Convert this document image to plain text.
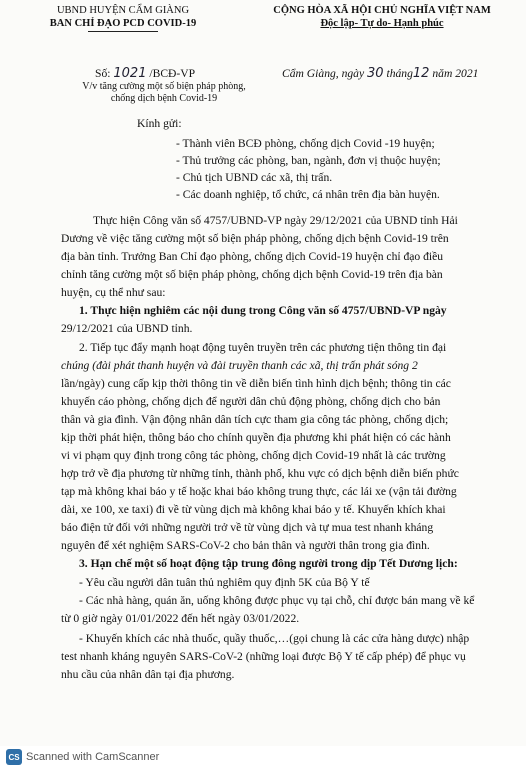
UBND HUYỆN CẨM GIÀNG
BAN CHỈ ĐẠO PCD COVID-19
CỘNG HÒA XÃ HỘI CHỦ NGHĨA VIỆT NAM
Độc lập- Tự do- Hạnh phúc
Số: 1021 /BCĐ-VP
V/v tăng cường một số biện pháp phòng,
chống dịch bệnh Covid-19
Cẩm Giàng, ngày 30 tháng12 năm 2021
Kính gửi:
- Thành viên BCĐ phòng, chống dịch Covid -19 huyện;
- Thủ trưởng các phòng, ban, ngành, đơn vị thuộc huyện;
- Chủ tịch UBND các xã, thị trấn.
- Các doanh nghiệp, tổ chức, cá nhân trên địa bàn huyện.
Thực hiện Công văn số 4757/UBND-VP ngày 29/12/2021 của UBND tỉnh Hải
Dương về việc tăng cường một số biện pháp phòng, chống dịch bệnh Covid-19 trên
địa bàn tỉnh. Trưởng Ban Chỉ đạo phòng, chống dịch Covid-19 huyện chỉ đạo điều
chỉnh tăng cường một số biện pháp phòng, chống dịch bệnh Covid-19 trên địa bàn
huyện, cụ thể như sau:
1. Thực hiện nghiêm các nội dung trong Công văn số 4757/UBND-VP ngày
29/12/2021 của UBND tỉnh.
2. Tiếp tục đẩy mạnh hoạt động tuyên truyền trên các phương tiện thông tin đại
chúng (đài phát thanh huyện và đài truyền thanh các xã, thị trấn phát sóng 2
lần/ngày) cung cấp kịp thời thông tin về diễn biến tình hình dịch bệnh; thông tin các
khuyến cáo phòng, chống dịch để người dân chủ động phòng, chống dịch cho bản
thân và gia đình. Vận động nhân dân tích cực tham gia công tác phòng, chống dịch;
kịp thời phát hiện, thông báo cho chính quyền địa phương khi phát hiện có các hành
vi vi phạm quy định trong công tác phòng, chống dịch Covid-19 nhất là các trường
hợp trở về địa phương từ những tỉnh, thành phố, khu vực có dịch bệnh diễn biến phức
tạp mà không khai báo y tế hoặc khai báo không trung thực, các lái xe (vận tải đường
dài, xe 100, xe taxi) đi về từ vùng dịch mà không khai báo y tế. Khuyến khích khai
báo điện tử đối với những người trở về từ vùng dịch và tự mua test nhanh kháng
nguyên để xét nghiệm SARS-CoV-2 cho bản thân và người thân trong gia đình.
3. Hạn chế một số hoạt động tập trung đông người trong dịp Tết Dương lịch:
- Yêu cầu người dân tuân thủ nghiêm quy định 5K của Bộ Y tế
- Các nhà hàng, quán ăn, uống không được phục vụ tại chỗ, chỉ được bán mang về kể
từ 0 giờ ngày 01/01/2022 đến hết ngày 03/01/2022.
- Khuyến khích các nhà thuốc, quầy thuốc,…(gọi chung là các cửa hàng dược) nhập
test nhanh kháng nguyên SARS-CoV-2 (những loại được Bộ Y tế cấp phép) để phục vụ
nhu cầu của nhân dân tại địa phương.
CS Scanned with CamScanner
